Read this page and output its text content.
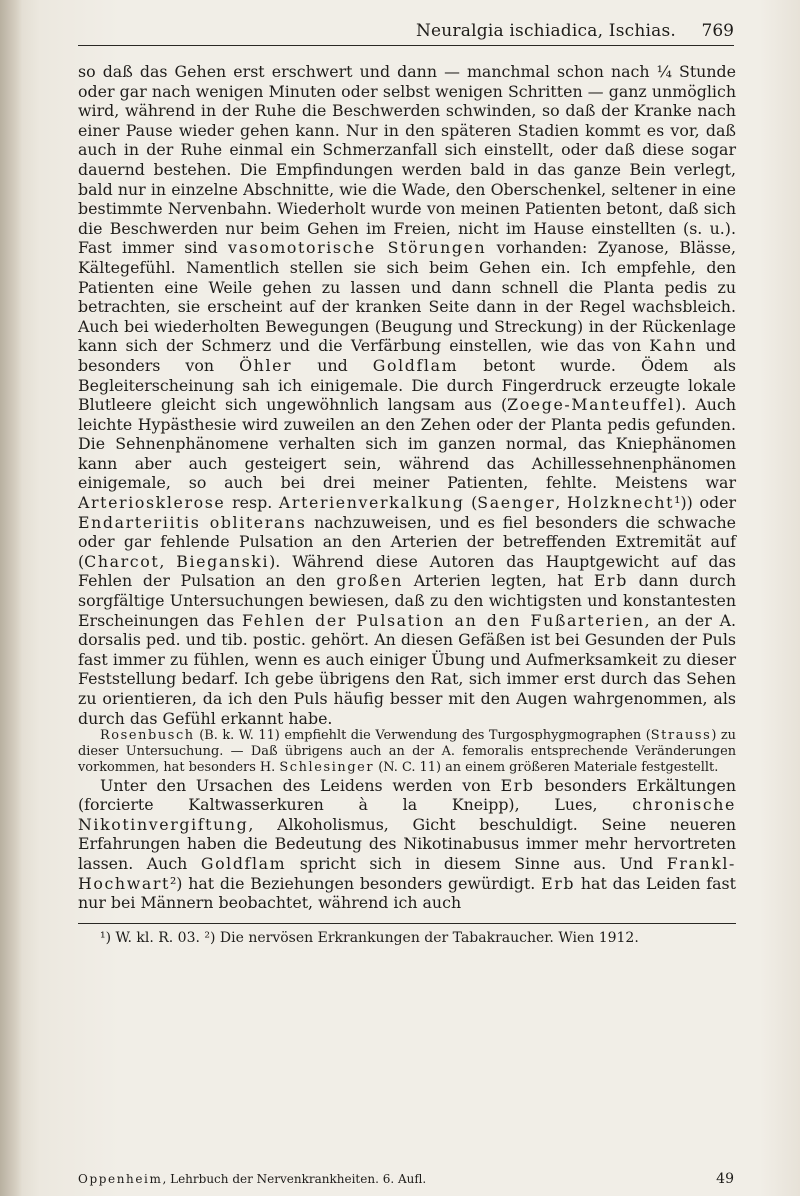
Neuralgia ischiadica, Ischias. 769

so daß das Gehen erst erschwert und dann — manchmal schon nach ¼ Stunde oder gar nach wenigen Minuten oder selbst wenigen Schritten — ganz unmöglich wird, während in der Ruhe die Beschwerden schwinden, so daß der Kranke nach einer Pause wieder gehen kann. Nur in den späteren Stadien kommt es vor, daß auch in der Ruhe einmal ein Schmerzanfall sich einstellt, oder daß diese sogar dauernd bestehen. Die Empfindungen werden bald in das ganze Bein verlegt, bald nur in einzelne Abschnitte, wie die Wade, den Oberschenkel, seltener in eine bestimmte Nervenbahn. Wiederholt wurde von meinen Patienten betont, daß sich die Beschwerden nur beim Gehen im Freien, nicht im Hause einstellten (s. u.). Fast immer sind vasomotorische Störungen vorhanden: Zyanose, Blässe, Kältegefühl. Namentlich stellen sie sich beim Gehen ein. Ich empfehle, den Patienten eine Weile gehen zu lassen und dann schnell die Planta pedis zu betrachten, sie erscheint auf der kranken Seite dann in der Regel wachsbleich. Auch bei wiederholten Bewegungen (Beugung und Streckung) in der Rückenlage kann sich der Schmerz und die Verfärbung einstellen, wie das von Kahn und besonders von Öhler und Goldflam betont wurde. Ödem als Begleiterscheinung sah ich einigemale. Die durch Fingerdruck erzeugte lokale Blutleere gleicht sich ungewöhnlich langsam aus (Zoege-Manteuffel). Auch leichte Hypästhesie wird zuweilen an den Zehen oder der Planta pedis gefunden. Die Sehnenphänomene verhalten sich im ganzen normal, das Kniephänomen kann aber auch gesteigert sein, während das Achillessehnenphänomen einigemale, so auch bei drei meiner Patienten, fehlte. Meistens war Arteriosklerose resp. Arterienverkalkung (Saenger, Holzknecht¹)) oder Endarteriitis obliterans nachzuweisen, und es fiel besonders die schwache oder gar fehlende Pulsation an den Arterien der betreffenden Extremität auf (Charcot, Bieganski). Während diese Autoren das Hauptgewicht auf das Fehlen der Pulsation an den großen Arterien legten, hat Erb dann durch sorgfältige Untersuchungen bewiesen, daß zu den wichtigsten und konstantesten Erscheinungen das Fehlen der Pulsation an den Fußarterien, an der A. dorsalis ped. und tib. postic. gehört. An diesen Gefäßen ist bei Gesunden der Puls fast immer zu fühlen, wenn es auch einiger Übung und Aufmerksamkeit zu dieser Feststellung bedarf. Ich gebe übrigens den Rat, sich immer erst durch das Sehen zu orientieren, da ich den Puls häufig besser mit den Augen wahrgenommen, als durch das Gefühl erkannt habe.

Rosenbusch (B. k. W. 11) empfiehlt die Verwendung des Turgosphygmographen (Strauss) zu dieser Untersuchung. — Daß übrigens auch an der A. femoralis entsprechende Veränderungen vorkommen, hat besonders H. Schlesinger (N. C. 11) an einem größeren Materiale festgestellt.

Unter den Ursachen des Leidens werden von Erb besonders Erkältungen (forcierte Kaltwasserkuren à la Kneipp), Lues, chronische Nikotinvergiftung, Alkoholismus, Gicht beschuldigt. Seine neueren Erfahrungen haben die Bedeutung des Nikotinabusus immer mehr hervortreten lassen. Auch Goldflam spricht sich in diesem Sinne aus. Und Frankl-Hochwart²) hat die Beziehungen besonders gewürdigt. Erb hat das Leiden fast nur bei Männern beobachtet, während ich auch

¹) W. kl. R. 03. ²) Die nervösen Erkrankungen der Tabakraucher. Wien 1912.

Oppenheim, Lehrbuch der Nervenkrankheiten. 6. Aufl.	49
